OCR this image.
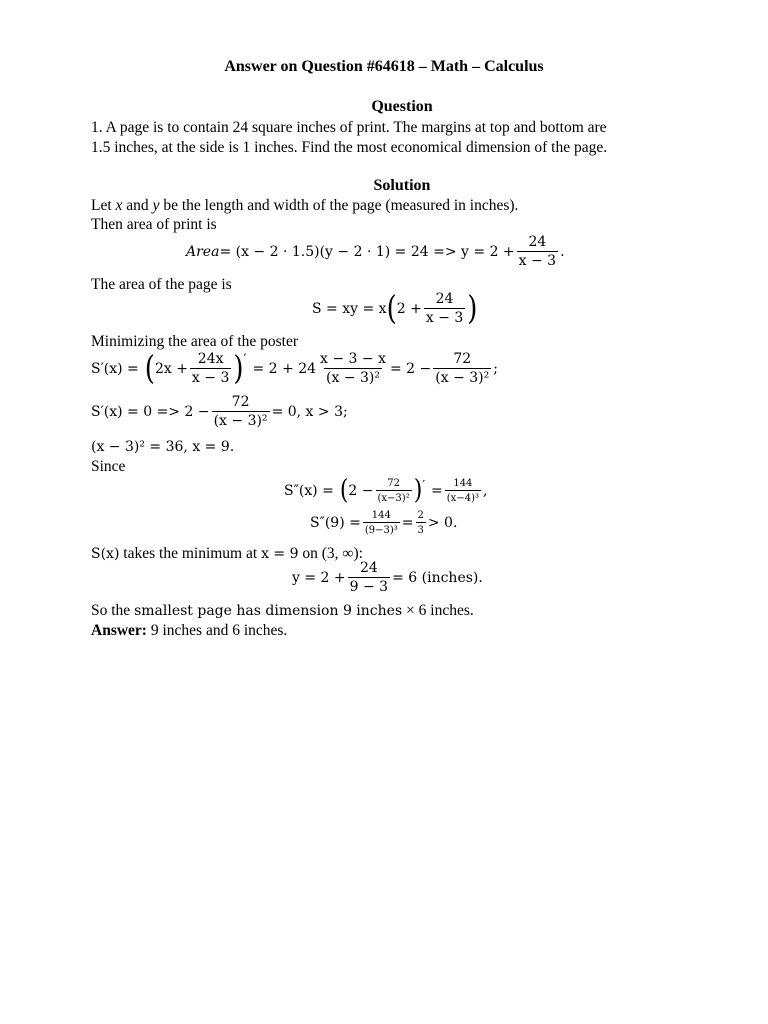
Answer on Question #64618 – Math – Calculus
Question
1. A page is to contain 24 square inches of print. The margins at top and bottom are
1.5 inches, at the side is 1 inches. Find the most economical dimension of the page.
Solution
Let x and y be the length and width of the page (measured in inches).
Then area of print is
Area = $(x - 2 \cdot 1.5)(y - 2 \cdot 1) = 24 => y = 2 + \frac{24}{x - 3}$ .
The area of the page is
S = xy = x ( $2 + \frac{24}{x - 3}$ )
Minimizing the area of the poster
S′(x) = ( $2x + \frac{24x}{x - 3}$ ) ′
= $2 + 24 \frac{x - 3 - x}{\text{(x − 3)²}} = 2 - \frac{72}{\text{(x − 3)²}}$ ;
$S'(x) = 0 => 2 - \frac{72}{\text{(x − 3)²}} = 0$, x > 3;
(x − 3)² = 36, x = 9.
Since
S″(x) = ( $2 - \frac{72}{\text{(x−3)²}}$ ) ′ = $\frac{144}{\text{(x−4)³}}$ ,
$S''(9) = \frac{144}{\text{(9−3)³}} = \frac{2}{3} > 0$.
S(x) takes the minimum at x = 9 on (3, ∞):
$y = 2 + \frac{24}{9 - 3} = 6$ (inches).
So the smallest page has dimension 9 inches × 6 inches.
Answer: 9 inches and 6 inches.
